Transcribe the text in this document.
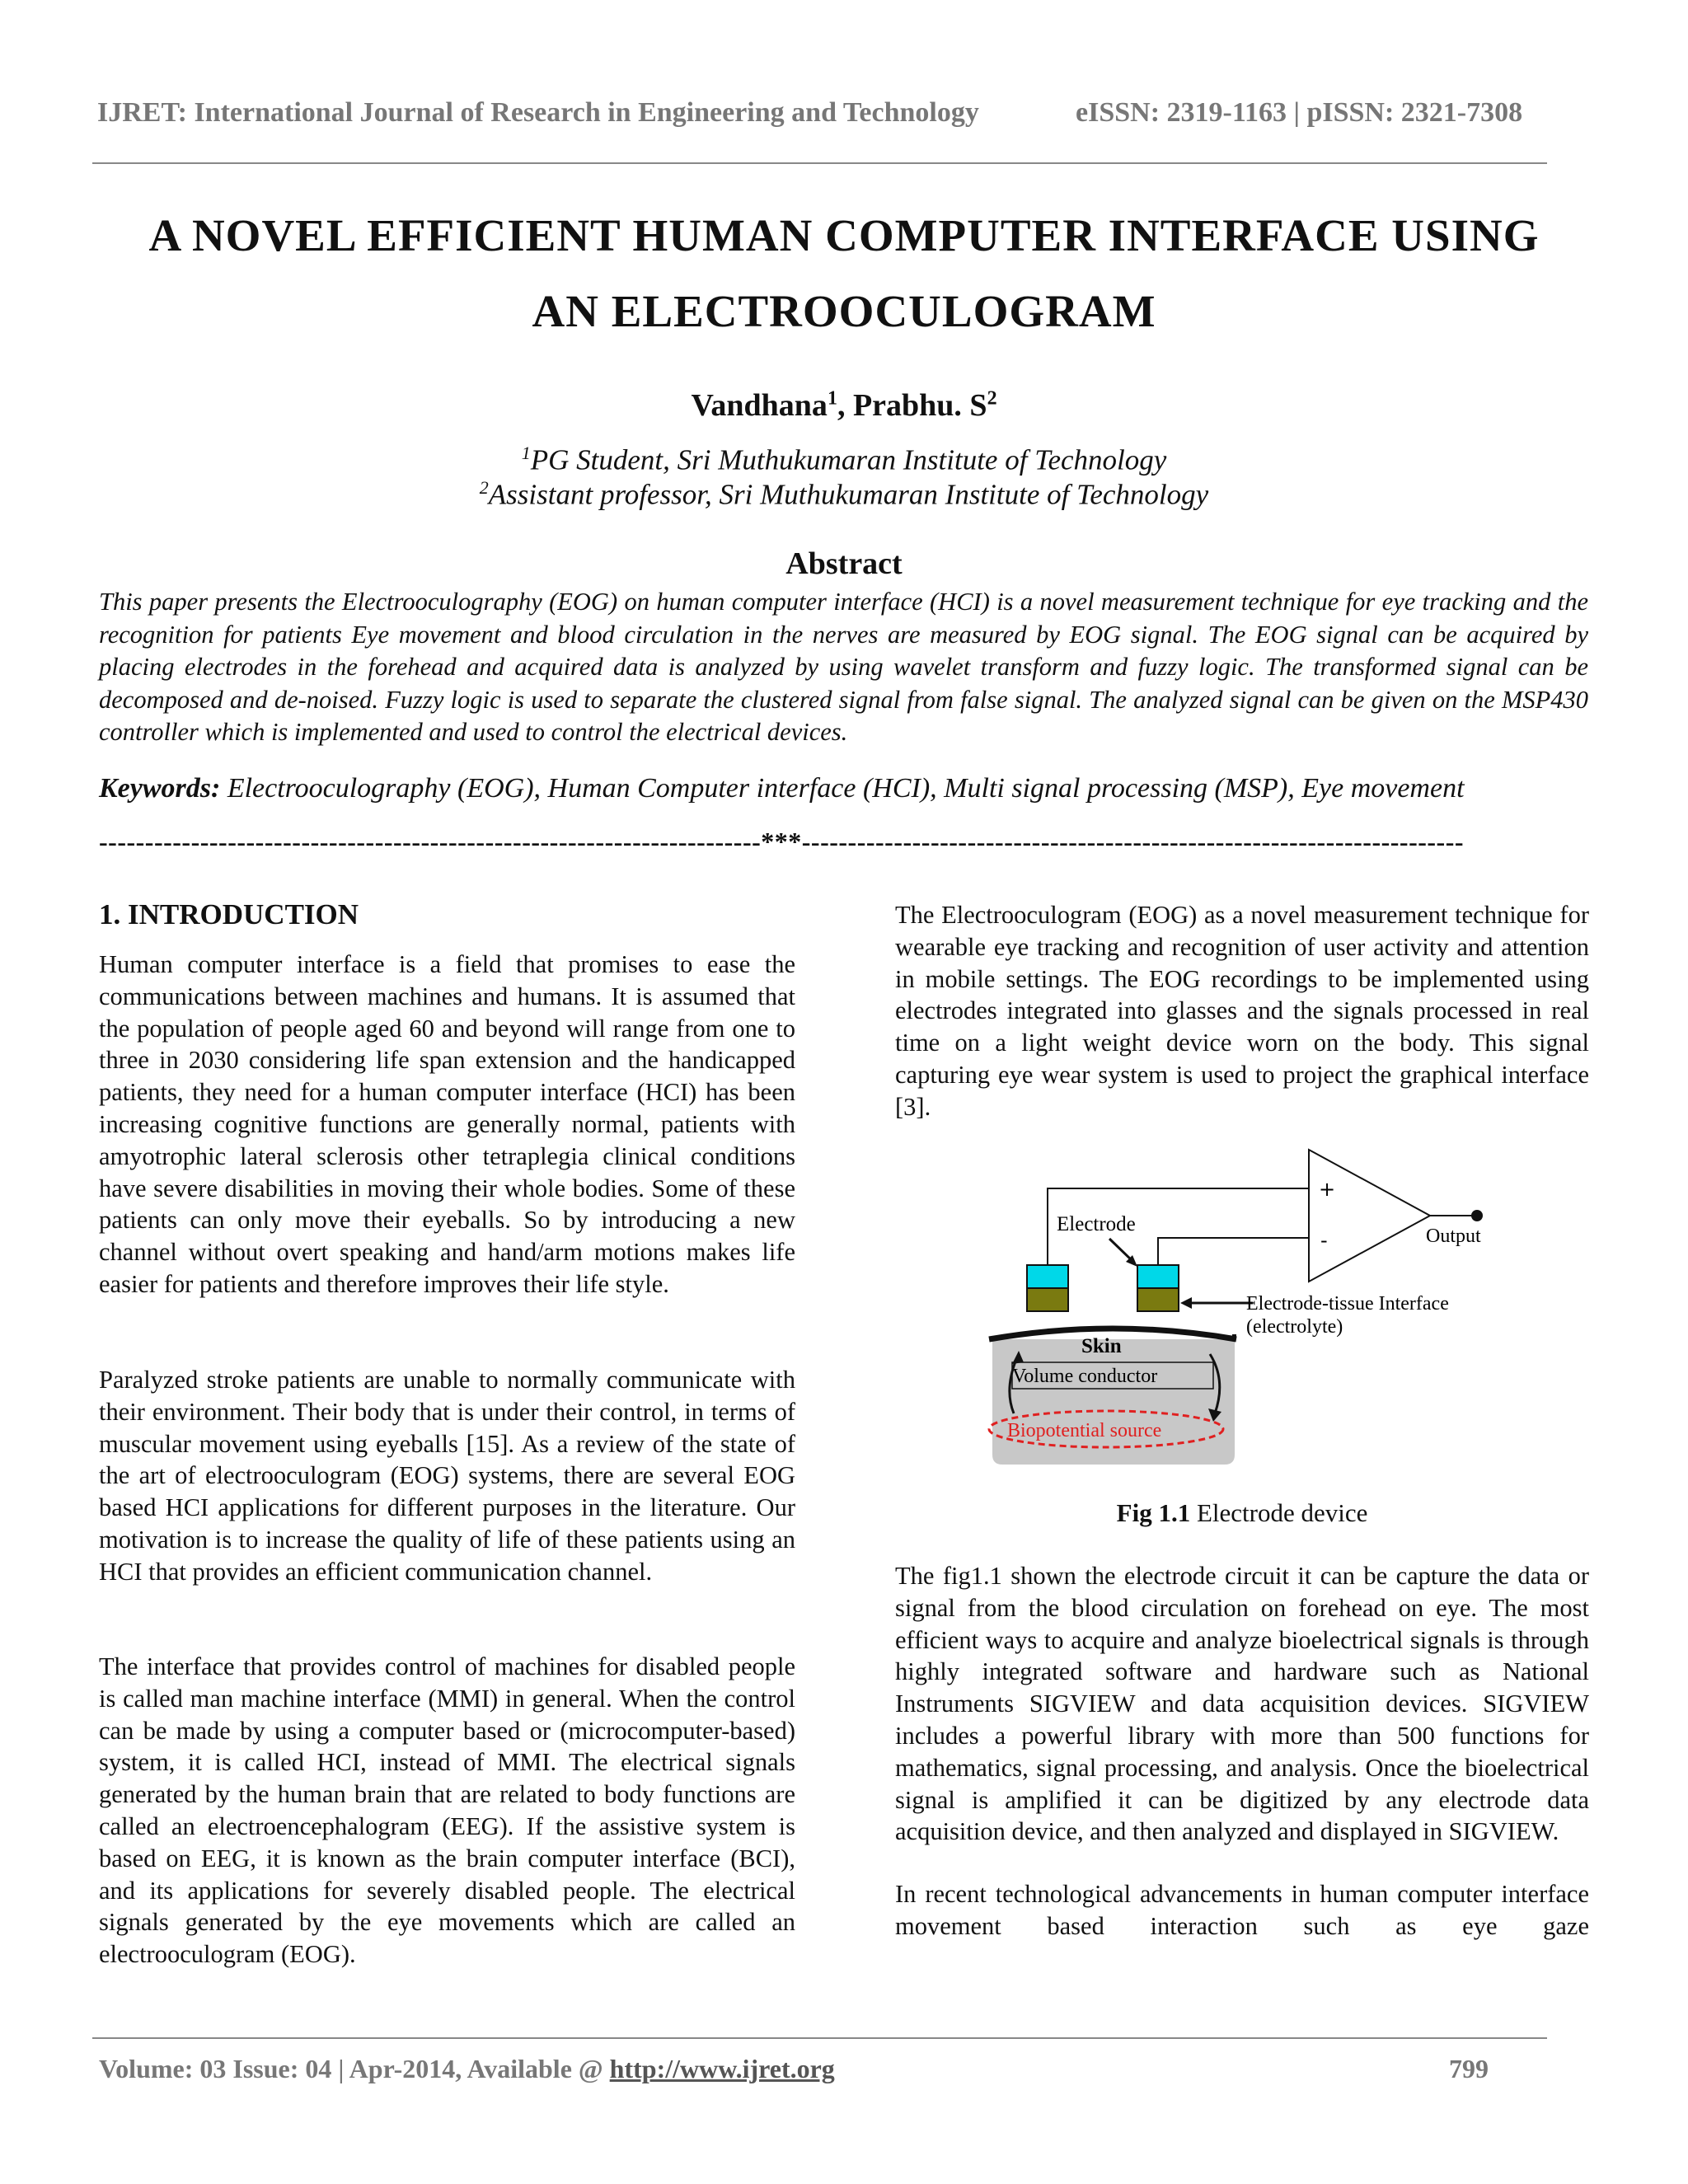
IJRET: International Journal of Research in Engineering and Technology	eISSN: 2319-1163 | pISSN: 2321-7308
A NOVEL EFFICIENT HUMAN COMPUTER INTERFACE USING
AN ELECTROOCULOGRAM
Vandhana$^1$, Prabhu. $S^2$
$^1$PG Student, Sri Muthukumaran Institute of Technology
$^2$Assistant professor, Sri Muthukumaran Institute of Technology
Abstract
This paper presents the Electrooculography (EOG) on human computer interface (HCI) is a novel measurement technique for eye tracking and the recognition for patients Eye movement and blood circulation in the nerves are measured by EOG signal. The EOG signal can be acquired by placing electrodes in the forehead and acquired data is analyzed by using wavelet transform and fuzzy logic. The transformed signal can be decomposed and de-noised. Fuzzy logic is used to separate the clustered signal from false signal. The analyzed signal can be given on the MSP430 controller which is implemented and used to control the electrical devices.
Keywords: Electrooculography (EOG), Human Computer interface (HCI), Multi signal processing (MSP), Eye movement
------------------------------------------------------------------------***------------------------------------------------------------------------
1. INTRODUCTION

Human computer interface is a field that promises to ease the communications between machines and humans. It is assumed that the population of people aged 60 and beyond will range from one to three in 2030 considering life span extension and the handicapped patients, they need for a human computer interface (HCI) has been increasing cognitive functions are generally normal, patients with amyotrophic lateral sclerosis other tetraplegia clinical conditions have severe disabilities in moving their whole bodies. Some of these patients can only move their eyeballs. So by introducing a new channel without overt speaking and hand/arm motions makes life easier for patients and therefore improves their life style.

Paralyzed stroke patients are unable to normally communicate with their environment. Their body that is under their control, in terms of muscular movement using eyeballs [15]. As a review of the state of the art of electrooculogram (EOG) systems, there are several EOG based HCI applications for different purposes in the literature. Our motivation is to increase the quality of life of these patients using an HCI that provides an efficient communication channel.

The interface that provides control of machines for disabled people is called man machine interface (MMI) in general. When the control can be made by using a computer based or (microcomputer-based) system, it is called HCI, instead of MMI. The electrical signals generated by the human brain that are related to body functions are called an electroencephalogram (EEG). If the assistive system is based on EEG, it is known as the brain computer interface (BCI), and its applications for severely disabled people. The electrical signals generated by the eye movements which are called an electrooculogram (EOG).

The Electrooculogram (EOG) as a novel measurement technique for wearable eye tracking and recognition of user activity and attention in mobile settings. The EOG recordings to be implemented using electrodes integrated into glasses and the signals processed in real time on a light weight device worn on the body. This signal capturing eye wear system is used to project the graphical interface [3].

+
-	Output
Electrode
Electrode-tissue Interface
(electrolyte)
Skin
Volume conductor
Biopotential source
Fig 1.1 Electrode device

The fig1.1 shown the electrode circuit it can be capture the data or signal from the blood circulation on forehead on eye. The most efficient ways to acquire and analyze bioelectrical signals is through highly integrated software and hardware such as National Instruments SIGVIEW and data acquisition devices. SIGVIEW includes a powerful library with more than 500 functions for mathematics, signal processing, and analysis. Once the bioelectrical signal is amplified it can be digitized by any electrode data acquisition device, and then analyzed and displayed in SIGVIEW.

In recent technological advancements in human computer interface movement based interaction such as eye gaze

Volume: 03 Issue: 04 | Apr-2014, Available @ http://www.ijret.org	799
